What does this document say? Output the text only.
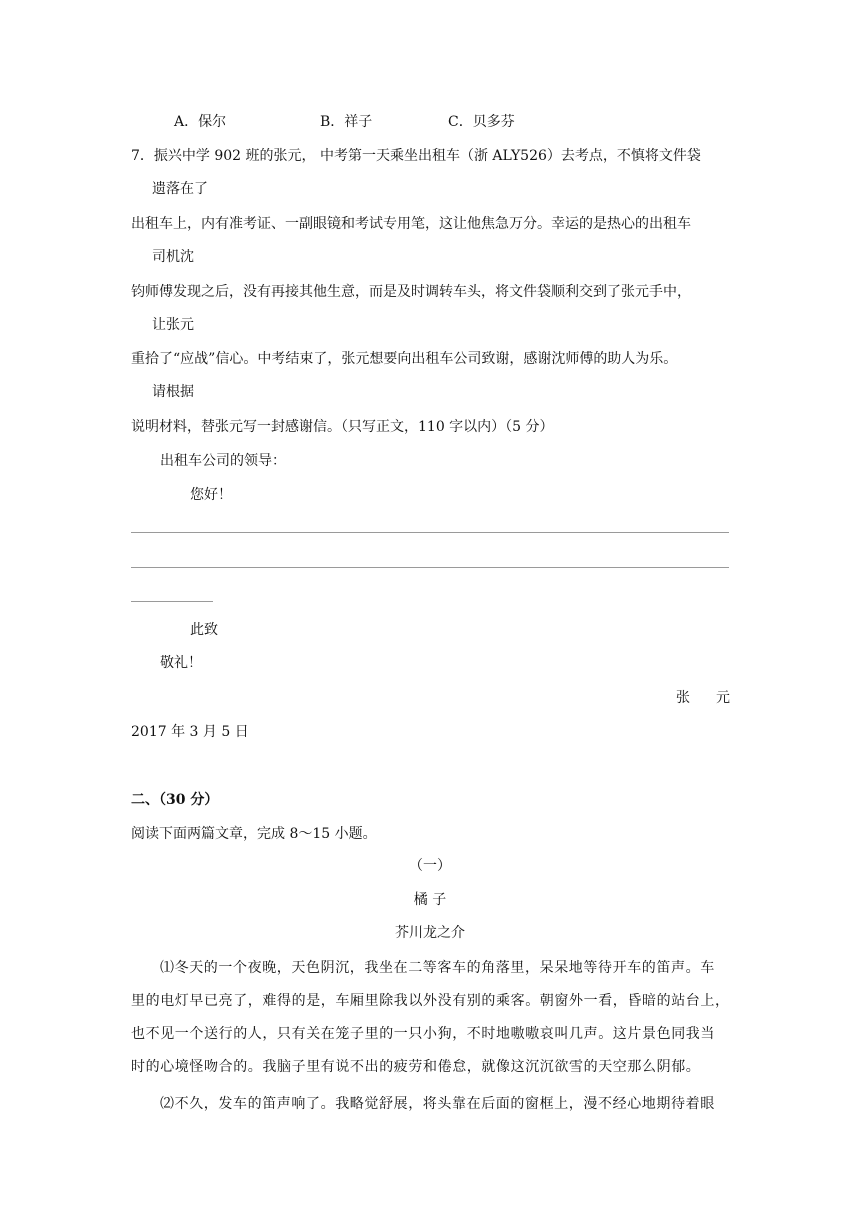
A．保尔	B．祥子	C．贝多芬
7．振兴中学 902 班的张元， 中考第一天乘坐出租车（浙 ALY526）去考点，不慎将文件袋
遗落在了
出租车上，内有准考证、一副眼镜和考试专用笔，这让他焦急万分。幸运的是热心的出租车
司机沈
钧师傅发现之后，没有再接其他生意，而是及时调转车头，将文件袋顺利交到了张元手中，
让张元
重拾了“应战”信心。中考结束了，张元想要向出租车公司致谢，感谢沈师傅的助人为乐。
请根据
说明材料，替张元写一封感谢信。（只写正文，110 字以内）（5 分）
出租车公司的领导：
您好！
此致
敬礼！
张 元
2017 年 3 月 5 日
二、（30 分）
阅读下面两篇文章，完成 8～15 小题。
（一）
橘 子
芥川龙之介
⑴冬天的一个夜晚，天色阴沉，我坐在二等客车的角落里，呆呆地等待开车的笛声。车
里的电灯早已亮了，难得的是，车厢里除我以外没有别的乘客。朝窗外一看，昏暗的站台上，
也不见一个送行的人，只有关在笼子里的一只小狗，不时地嗷嗷哀叫几声。这片景色同我当
时的心境怪吻合的。我脑子里有说不出的疲劳和倦怠，就像这沉沉欲雪的天空那么阴郁。
⑵不久，发车的笛声响了。我略觉舒展，将头靠在后面的窗框上，漫不经心地期待着眼
